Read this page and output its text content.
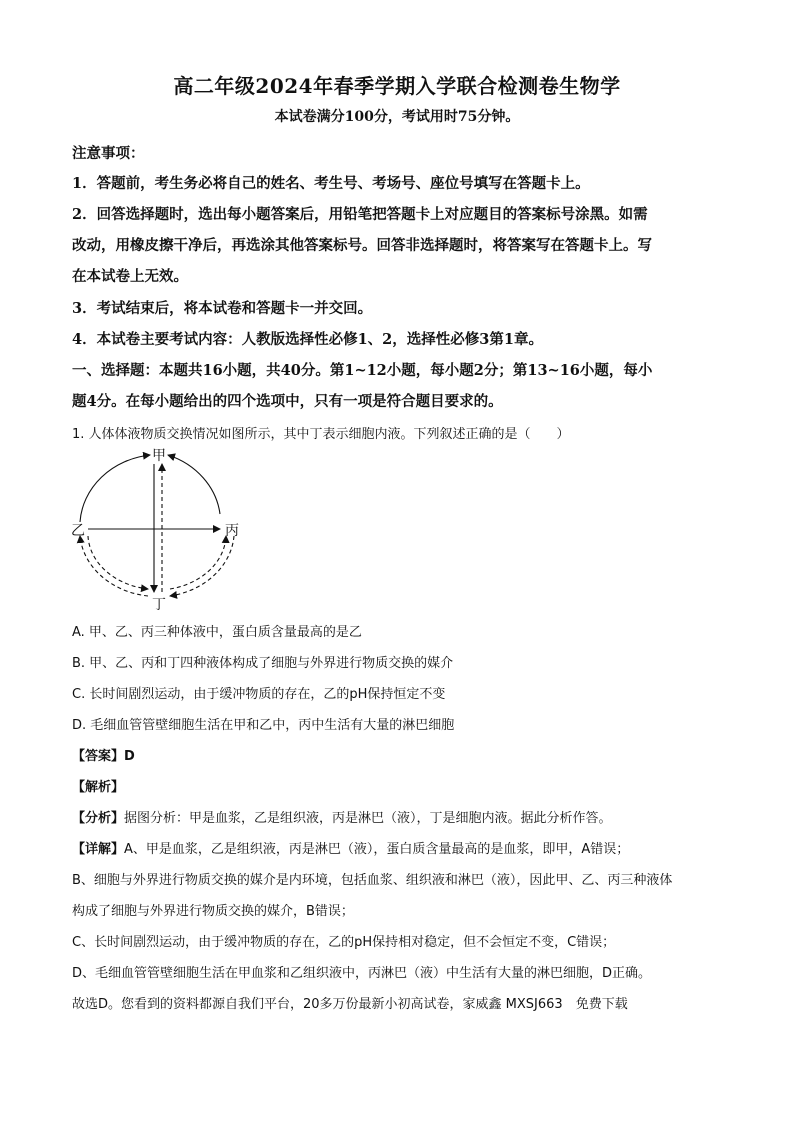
高二年级2024年春季学期入学联合检测卷生物学
本试卷满分100分，考试用时75分钟。
注意事项：
1．答题前，考生务必将自己的姓名、考生号、考场号、座位号填写在答题卡上。
2．回答选择题时，选出每小题答案后，用铅笔把答题卡上对应题目的答案标号涂黑。如需
改动，用橡皮擦干净后，再选涂其他答案标号。回答非选择题时，将答案写在答题卡上。写
在本试卷上无效。
3．考试结束后，将本试卷和答题卡一并交回。
4．本试卷主要考试内容：人教版选择性必修1、2，选择性必修3第1章。
一、选择题：本题共16小题，共40分。第1~12小题，每小题2分；第13~16小题，每小
题4分。在每小题给出的四个选项中，只有一项是符合题目要求的。
1. 人体体液物质交换情况如图所示，其中丁表示细胞内液。下列叙述正确的是（　　）
甲
乙	丙
丁
A. 甲、乙、丙三种体液中，蛋白质含量最高的是乙
B. 甲、乙、丙和丁四种液体构成了细胞与外界进行物质交换的媒介
C. 长时间剧烈运动，由于缓冲物质的存在，乙的pH保持恒定不变
D. 毛细血管管壁细胞生活在甲和乙中，丙中生活有大量的淋巴细胞
【答案】D
【解析】
【分析】据图分析：甲是血浆，乙是组织液，丙是淋巴（液），丁是细胞内液。据此分析作答。
【详解】A、甲是血浆，乙是组织液，丙是淋巴（液），蛋白质含量最高的是血浆，即甲，A错误；
B、细胞与外界进行物质交换的媒介是内环境，包括血浆、组织液和淋巴（液），因此甲、乙、丙三种液体
构成了细胞与外界进行物质交换的媒介，B错误；
C、长时间剧烈运动，由于缓冲物质的存在，乙的pH保持相对稳定，但不会恒定不变，C错误；
D、毛细血管管壁细胞生活在甲血浆和乙组织液中，丙淋巴（液）中生活有大量的淋巴细胞，D正确。
故选D。您看到的资料都源自我们平台，20多万份最新小初高试卷，家威鑫 MXSJ663　免费下载
